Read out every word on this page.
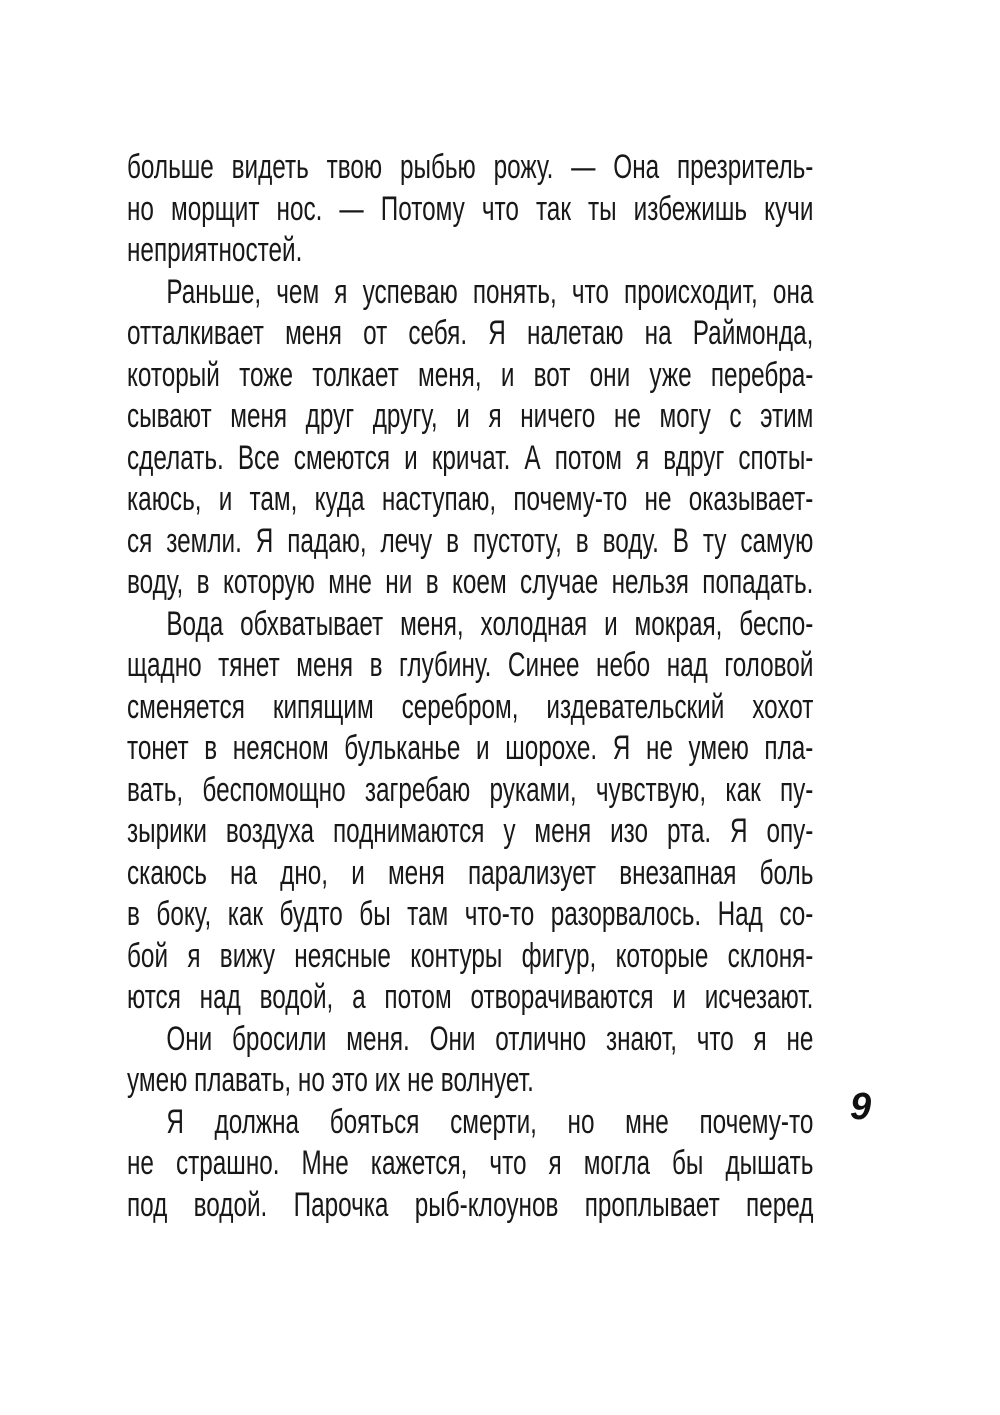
больше видеть твою рыбью рожу. — Она презритель-
но морщит нос. — Потому что так ты избежишь кучи
неприятностей.
Раньше, чем я успеваю понять, что происходит, она
отталкивает меня от себя. Я налетаю на Раймонда,
который тоже толкает меня, и вот они уже перебра-
сывают меня друг другу, и я ничего не могу с этим
сделать. Все смеются и кричат. А потом я вдруг споты-
каюсь, и там, куда наступаю, почему-то не оказывает-
ся земли. Я падаю, лечу в пустоту, в воду. В ту самую
воду, в которую мне ни в коем случае нельзя попадать.
Вода обхватывает меня, холодная и мокрая, беспо-
щадно тянет меня в глубину. Синее небо над головой
сменяется кипящим серебром, издевательский хохот
тонет в неясном бульканье и шорохе. Я не умею пла-
вать, беспомощно загребаю руками, чувствую, как пу-
зырики воздуха поднимаются у меня изо рта. Я опу-
скаюсь на дно, и меня парализует внезапная боль
в боку, как будто бы там что-то разорвалось. Над со-
бой я вижу неясные контуры фигур, которые склоня-
ются над водой, а потом отворачиваются и исчезают.
Они бросили меня. Они отлично знают, что я не
умею плавать, но это их не волнует.
Я должна бояться смерти, но мне почему-то
не страшно. Мне кажется, что я могла бы дышать
под водой. Парочка рыб-клоунов проплывает перед
9
